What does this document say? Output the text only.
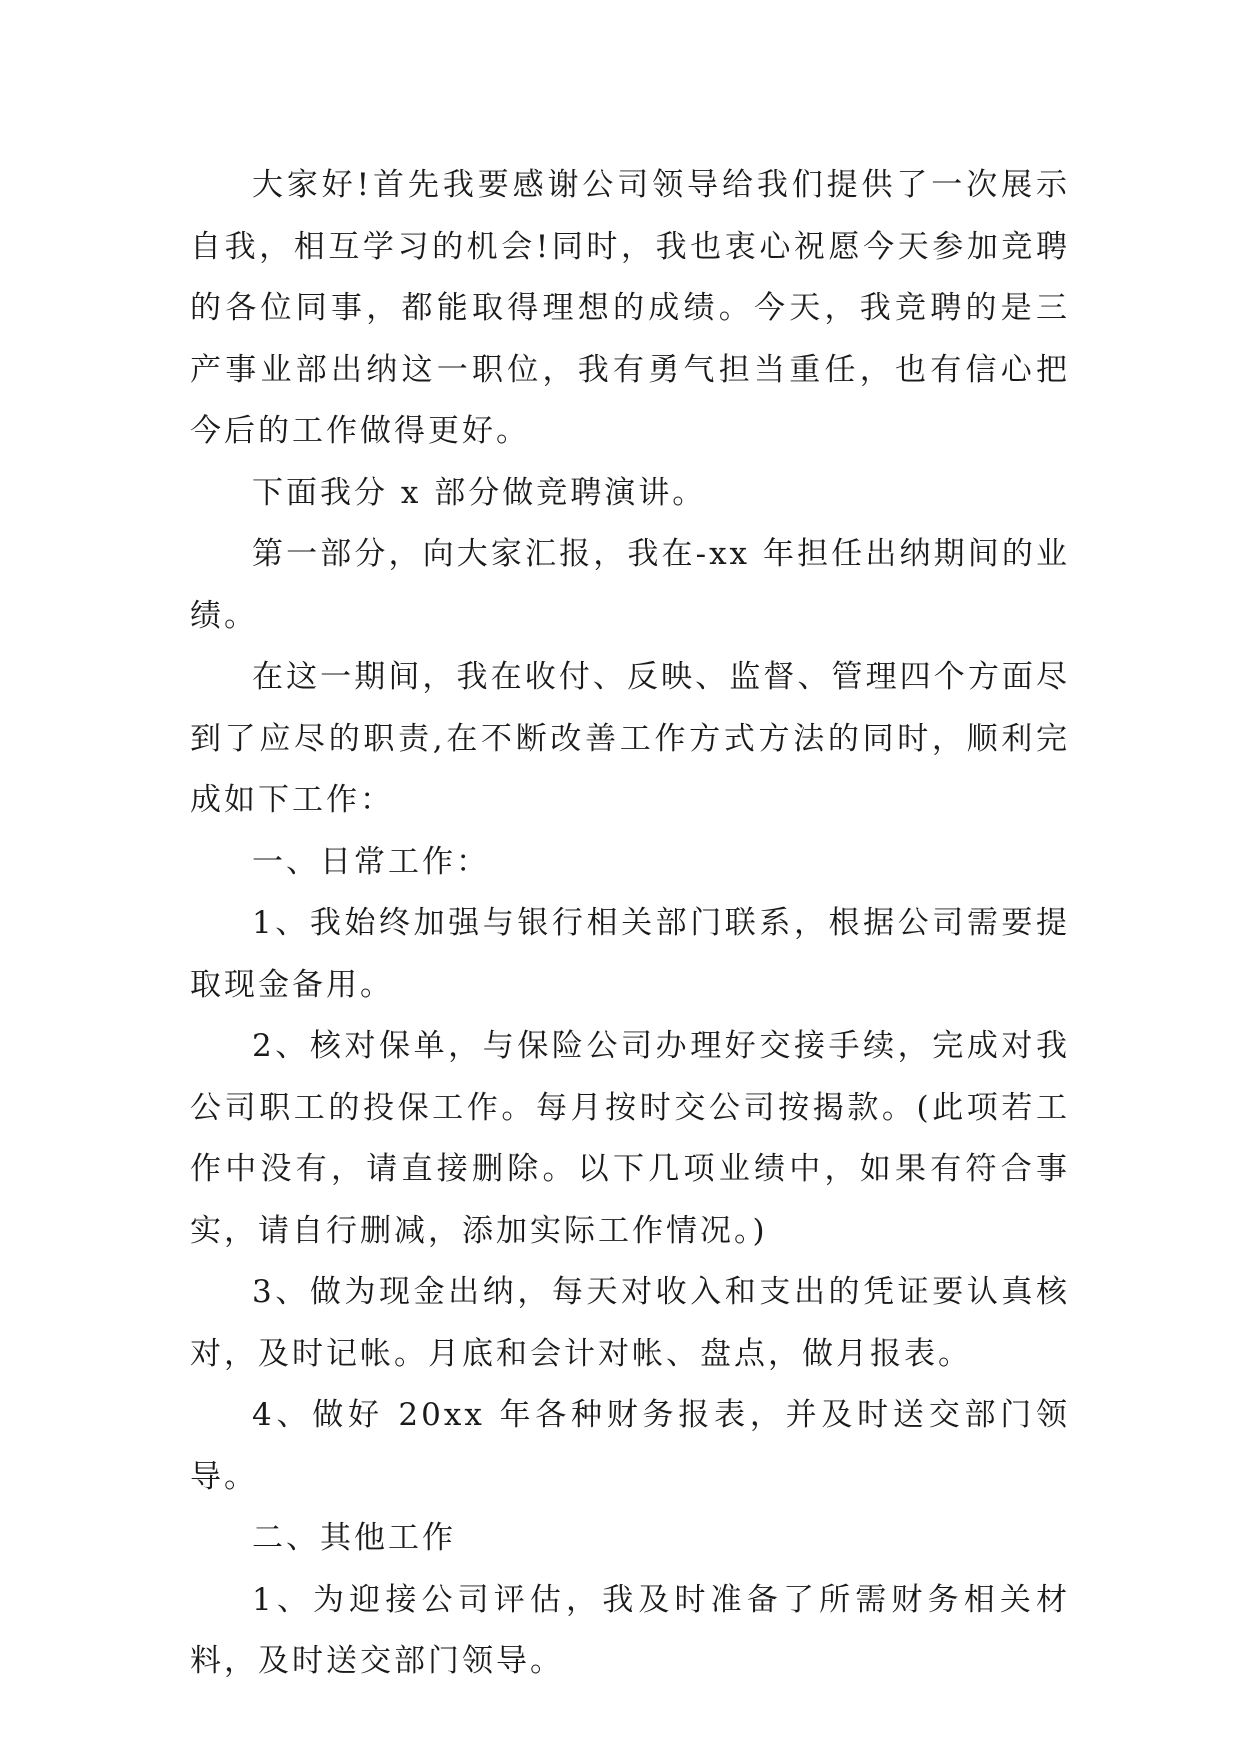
大家好!首先我要感谢公司领导给我们提供了一次展示自我，相互学习的机会!同时，我也衷心祝愿今天参加竞聘的各位同事，都能取得理想的成绩。今天，我竞聘的是三产事业部出纳这一职位，我有勇气担当重任，也有信心把今后的工作做得更好。

下面我分 x 部分做竞聘演讲。

第一部分，向大家汇报，我在-xx 年担任出纳期间的业绩。

在这一期间，我在收付、反映、监督、管理四个方面尽到了应尽的职责,在不断改善工作方式方法的同时，顺利完成如下工作：

一、日常工作：

1、我始终加强与银行相关部门联系，根据公司需要提取现金备用。

2、核对保单，与保险公司办理好交接手续，完成对我公司职工的投保工作。每月按时交公司按揭款。(此项若工作中没有，请直接删除。以下几项业绩中，如果有符合事实，请自行删减，添加实际工作情况。)

3、做为现金出纳，每天对收入和支出的凭证要认真核对，及时记帐。月底和会计对帐、盘点，做月报表。

4、做好 20xx 年各种财务报表，并及时送交部门领导。

二、其他工作

1、为迎接公司评估，我及时准备了所需财务相关材料，及时送交部门领导。
